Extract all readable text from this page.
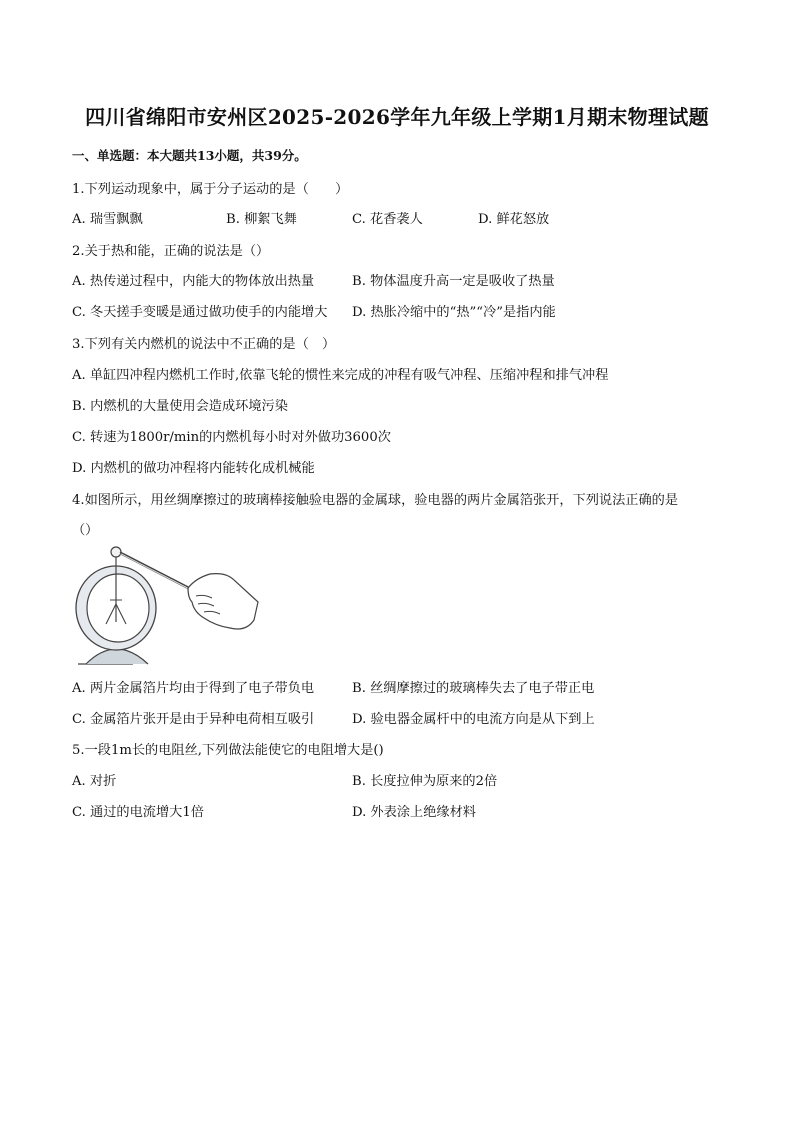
四川省绵阳市安州区2025-2026学年九年级上学期1月期末物理试题
一、单选题：本大题共13小题，共39分。
1.下列运动现象中，属于分子运动的是（　　）
A. 瑞雪飘飘	B. 柳絮飞舞	C. 花香袭人	D. 鲜花怒放
2.关于热和能，正确的说法是（）
A. 热传递过程中，内能大的物体放出热量	B. 物体温度升高一定是吸收了热量
C. 冬天搓手变暖是通过做功使手的内能增大 D. 热胀冷缩中的“热”“冷”是指内能
3.下列有关内燃机的说法中不正确的是（　）
A. 单缸四冲程内燃机工作时,依靠飞轮的惯性来完成的冲程有吸气冲程、压缩冲程和排气冲程
B. 内燃机的大量使用会造成环境污染
C. 转速为1800r/min的内燃机每小时对外做功3600次
D. 内燃机的做功冲程将内能转化成机械能
4.如图所示，用丝绸摩擦过的玻璃棒接触验电器的金属球，验电器的两片金属箔张开，下列说法正确的是
（）
A. 两片金属箔片均由于得到了电子带负电	B. 丝绸摩擦过的玻璃棒失去了电子带正电
C. 金属箔片张开是由于异种电荷相互吸引	D. 验电器金属杆中的电流方向是从下到上
5.一段1m长的电阻丝,下列做法能使它的电阻增大是()
A. 对折	B. 长度拉伸为原来的2倍
C. 通过的电流增大1倍	D. 外表涂上绝缘材料
